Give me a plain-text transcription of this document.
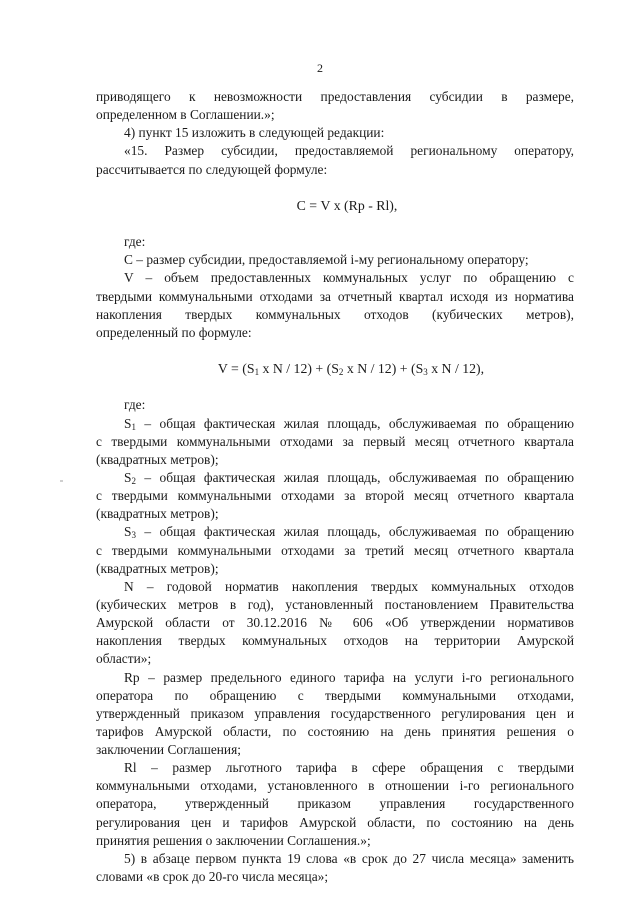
2
приводящего к невозможности предоставления субсидии в размере,
определенном в Соглашении.»;
4) пункт 15 изложить в следующей редакции:
«15. Размер субсидии, предоставляемой региональному оператору,
рассчитывается по следующей формуле:
С = V х (Rр - Rl),
где:
С – размер субсидии, предоставляемой i-му региональному оператору;
V – объем предоставленных коммунальных услуг по обращению с
твердыми коммунальными отходами за отчетный квартал исходя из норматива
накопления твердых коммунальных отходов (кубических метров),
определенный по формуле:
$V = (S_1$ х $N / 12) + (S_2$ х $N / 12) + (S_3$ х N / 12),
где:
$S_1$ – общая фактическая жилая площадь, обслуживаемая по обращению
с твердыми коммунальными отходами за первый месяц отчетного квартала
(квадратных метров);
$S_2$ – общая фактическая жилая площадь, обслуживаемая по обращению
с твердыми коммунальными отходами за второй месяц отчетного квартала
(квадратных метров);
$S_3$ – общая фактическая жилая площадь, обслуживаемая по обращению
с твердыми коммунальными отходами за третий месяц отчетного квартала
(квадратных метров);
N – годовой норматив накопления твердых коммунальных отходов
(кубических метров в год), установленный постановлением Правительства
Амурской области от 30.12.2016 № 606 «Об утверждении нормативов
накопления твердых коммунальных отходов на территории Амурской
области»;
Rр – размер предельного единого тарифа на услуги i-го регионального
оператора по обращению с твердыми коммунальными отходами,
утвержденный приказом управления государственного регулирования цен и
тарифов Амурской области, по состоянию на день принятия решения о
заключении Соглашения;
Rl – размер льготного тарифа в сфере обращения с твердыми
коммунальными отходами, установленного в отношении i-го регионального
оператора, утвержденный приказом управления государственного
регулирования цен и тарифов Амурской области, по состоянию на день
принятия решения о заключении Соглашения.»;
5) в абзаце первом пункта 19 слова «в срок до 27 числа месяца» заменить
словами «в срок до 20-го числа месяца»;
